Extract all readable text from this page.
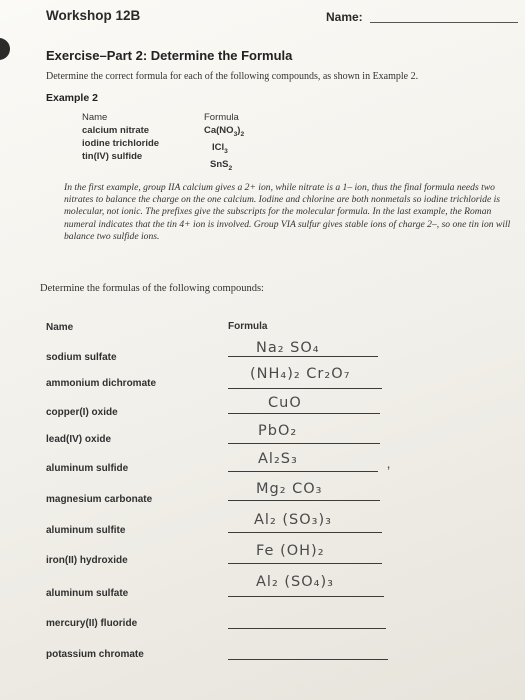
Workshop 12B	Name:
Exercise–Part 2: Determine the Formula
Determine the correct formula for each of the following compounds, as shown in Example 2.
Example 2
Name
calcium nitrate
iodine trichloride
tin(IV) sulfide
Formula
$Ca(NO_3)_2$
ICl$_3$
SnS$_2$
In the first example, group IIA calcium gives a 2+ ion, while nitrate is a 1– ion, thus the final formula needs two nitrates to balance the charge on the one calcium. Iodine and chlorine are both nonmetals so iodine trichloride is molecular, not ionic. The prefixes give the subscripts for the molecular formula. In the last example, the Roman numeral indicates that the tin 4+ ion is involved. Group VIA sulfur gives stable ions of charge 2–, so one tin ion will balance two sulfide ions.
Determine the formulas of the following compounds:
Name	Formula
sodium sulfate
Na₂ SO₄
ammonium dichromate
(NH₄)₂ Cr₂O₇
copper(I) oxide
CuO
lead(IV) oxide
PbO₂
aluminum sulfide
Al₂S₃
’
magnesium carbonate
Mg₂ CO₃
aluminum sulfite
Al₂ (SO₃)₃
iron(II) hydroxide
Fe (OH)₂
aluminum sulfate
Al₂ (SO₄)₃
mercury(II) fluoride
potassium chromate
